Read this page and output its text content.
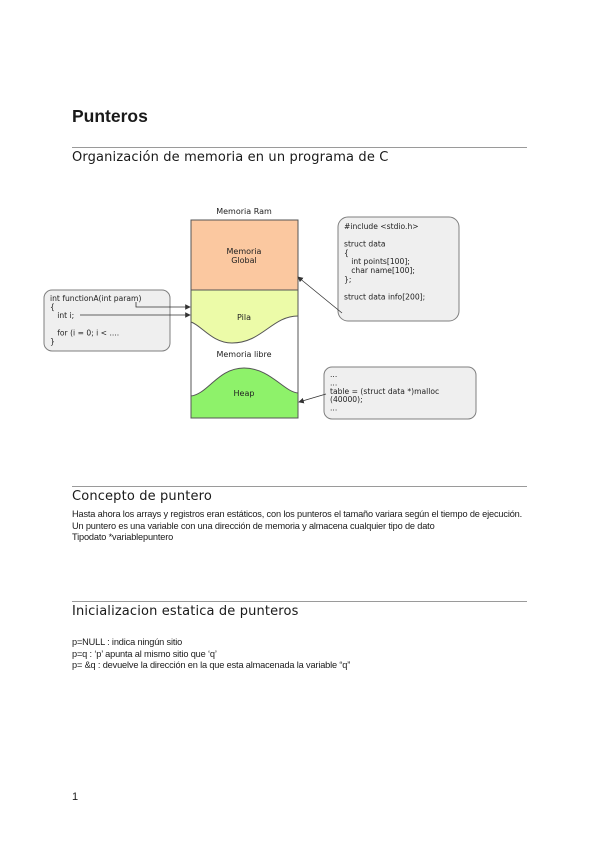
Punteros
Organización de memoria en un programa de C
Memoria Ram
Memoria
Global
Pila
Memoria libre
Heap
#include <stdio.h>
struct data
{
int points[100];
char name[100];
};
struct data info[200];
int functionA(int param)
{
int i;
for (i = 0; i < ....
}
...
...
table = (struct data *)malloc
(40000);
...
Concepto de puntero

Hasta ahora los arrays y registros eran estáticos, con los punteros el tamaño variara según el tiempo de ejecución.

Un puntero es una variable con una dirección de memoria y almacena cualquier tipo de dato

Tipodato *variablepuntero

Inicializacion estatica de punteros

p=NULL : indica ningún sitio

p=q : ‘p’ apunta al mismo sitio que ‘q’

p= &q : devuelve la dirección en la que esta almacenada la variable “q”

1
